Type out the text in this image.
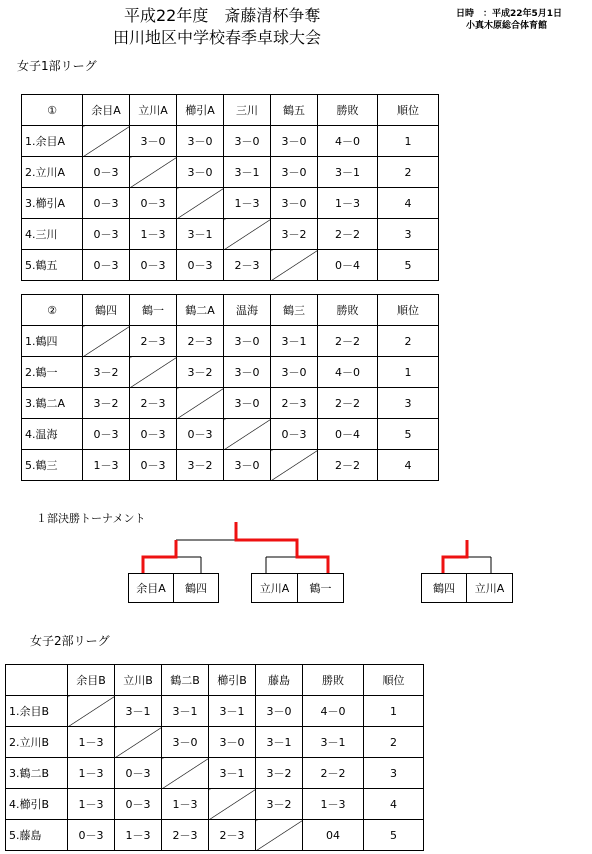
平成22年度　斎藤清杯争奪
田川地区中学校春季卓球大会
日時　：平成22年5月1日
小真木原総合体育館
女子1部リーグ
①	余目A	立川A	櫛引A	三川	鶴五	勝敗	順位
1.余目A		3－0	3－0	3－0	3－0	4－0	1
2.立川A	0－3		3－0	3－1	3－0	3－1	2
3.櫛引A	0－3	0－3		1－3	3－0	1－3	4
4.三川	0－3	1－3	3－1		3－2	2－2	3
5.鶴五	0－3	0－3	0－3	2－3		0－4	5
②	鶴四	鶴一	鶴二A	温海	鶴三	勝敗	順位
1.鶴四		2－3	2－3	3－0	3－1	2－2	2
2.鶴一	3－2		3－2	3－0	3－0	4－0	1
3.鶴二A	3－2	2－3		3－0	2－3	2－2	3
4.温海	0－3	0－3	0－3		0－3	0－4	5
5.鶴三	1－3	0－3	3－2	3－0		2－2	4
１部決勝トーナメント
余目A	鶴四	立川A	鶴一	鶴四	立川A
女子2部リーグ
	余目B	立川B	鶴二B	櫛引B	藤島	勝敗	順位
1.余目B		3－1	3－1	3－1	3－0	4－0	1
2.立川B	1－3		3－0	3－0	3－1	3－1	2
3.鶴二B	1－3	0－3		3－1	3－2	2－2	3
4.櫛引B	1－3	0－3	1－3		3－2	1－3	4
5.藤島	0－3	1－3	2－3	2－3		04	5
